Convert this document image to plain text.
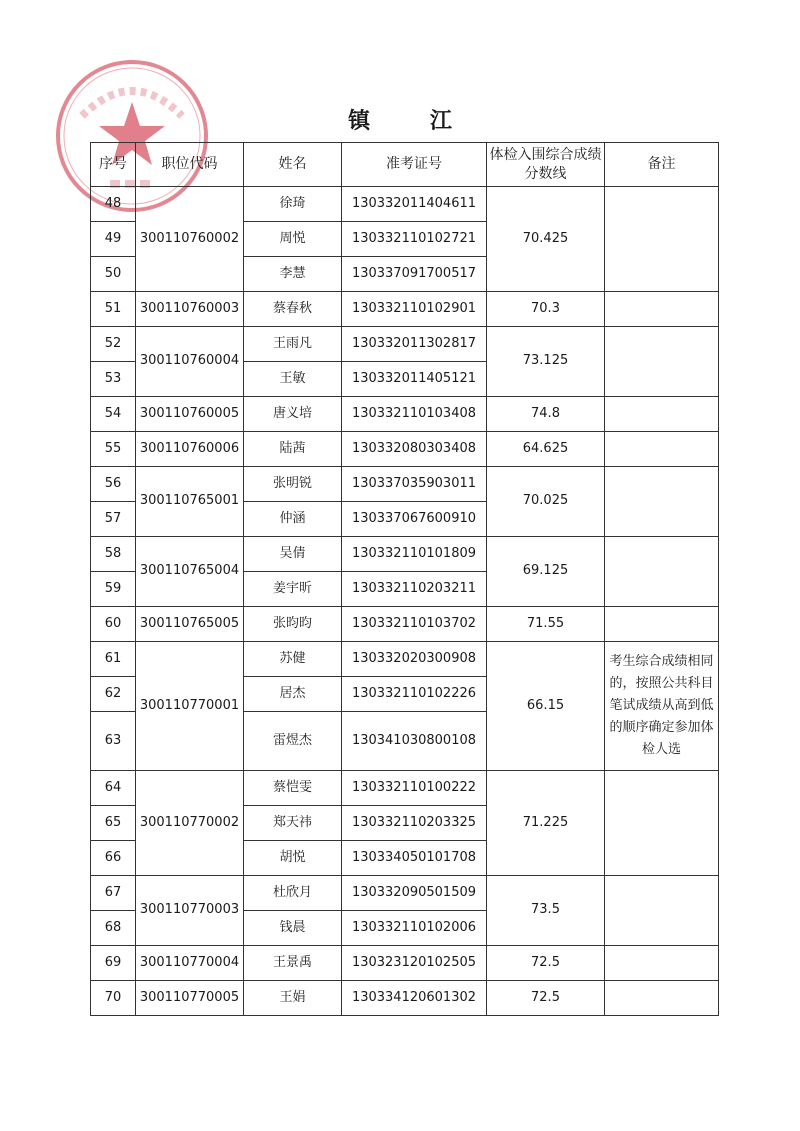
镇 江
序号	职位代码	姓名	准考证号	体检入围综合成绩分数线	备注
48	300110760002	徐琦	130332011404611	70.425	
49		周悦	130332110102721		
50		李慧	130337091700517		
51	300110760003	蔡春秋	130332110102901	70.3	
52	300110760004	王雨凡	130332011302817	73.125	
53		王敏	130332011405121		
54	300110760005	唐义培	130332110103408	74.8	
55	300110760006	陆茜	130332080303408	64.625	
56	300110765001	张明锐	130337035903011	70.025	
57		仲涵	130337067600910		
58	300110765004	吴倩	130332110101809	69.125	
59		姜宇昕	130332110203211		
60	300110765005	张昀昀	130332110103702	71.55	
61	300110770001	苏健	130332020300908	66.15	考生综合成绩相同的，按照公共科目笔试成绩从高到低的顺序确定参加体检人选
62		居杰	130332110102226		
63		雷煜杰	130341030800108		
64	300110770002	蔡恺雯	130332110100222	71.225	
65		郑天祎	130332110203325		
66		胡悦	130334050101708		
67	300110770003	杜欣月	130332090501509	73.5	
68		钱晨	130332110102006		
69	300110770004	王景禹	130323120102505	72.5	
70	300110770005	王娟	130334120601302	72.5	
